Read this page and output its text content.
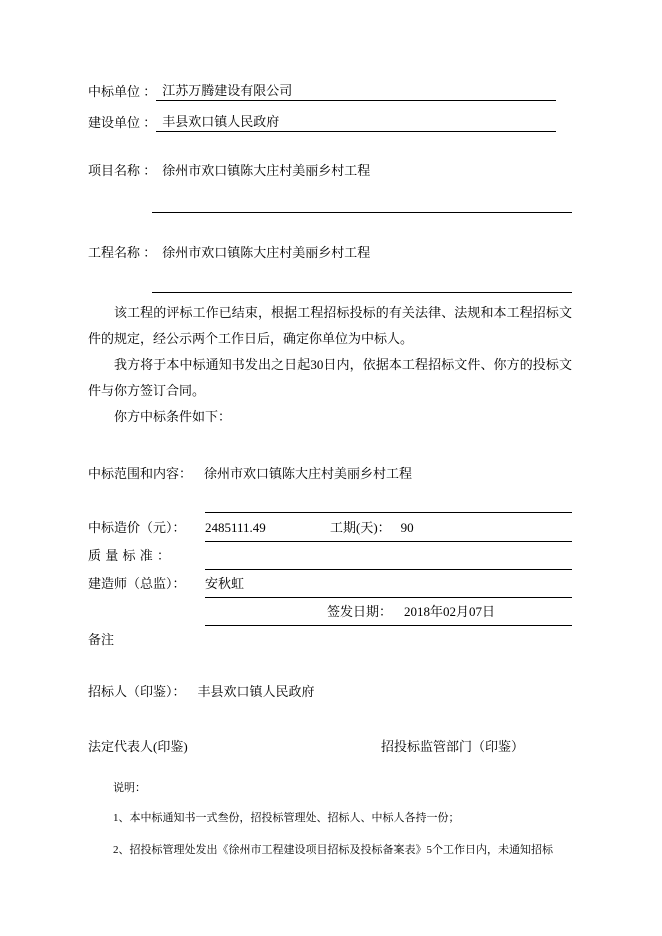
中标单位 ： 江苏万腾建设有限公司
建设单位 ： 丰县欢口镇人民政府
项目名称 ： 徐州市欢口镇陈大庄村美丽乡村工程
工程名称 ： 徐州市欢口镇陈大庄村美丽乡村工程
该工程的评标工作已结束，根据工程招标投标的有关法律、法规和本工程招标文件的规定，经公示两个工作日后，确定你单位为中标人。
我方将于本中标通知书发出之日起30日内，依据本工程招标文件、你方的投标文件与你方签订合同。
你方中标条件如下：
中标范围和内容： 徐州市欢口镇陈大庄村美丽乡村工程
中标造价（元）： 2485111.49	工期(天)： 90
质 量 标 准 ：
建造师（总监）： 安秋虹
签发日期： 2018年02月07日
备注
招标人（印鉴）： 丰县欢口镇人民政府
法定代表人(印鉴)	招投标监管部门（印鉴）
说明：
1、本中标通知书一式叁份，招投标管理处、招标人、中标人各持一份；
2、招投标管理处发出《徐州市工程建设项目招标及投标备案表》5个工作日内，未通知招标
